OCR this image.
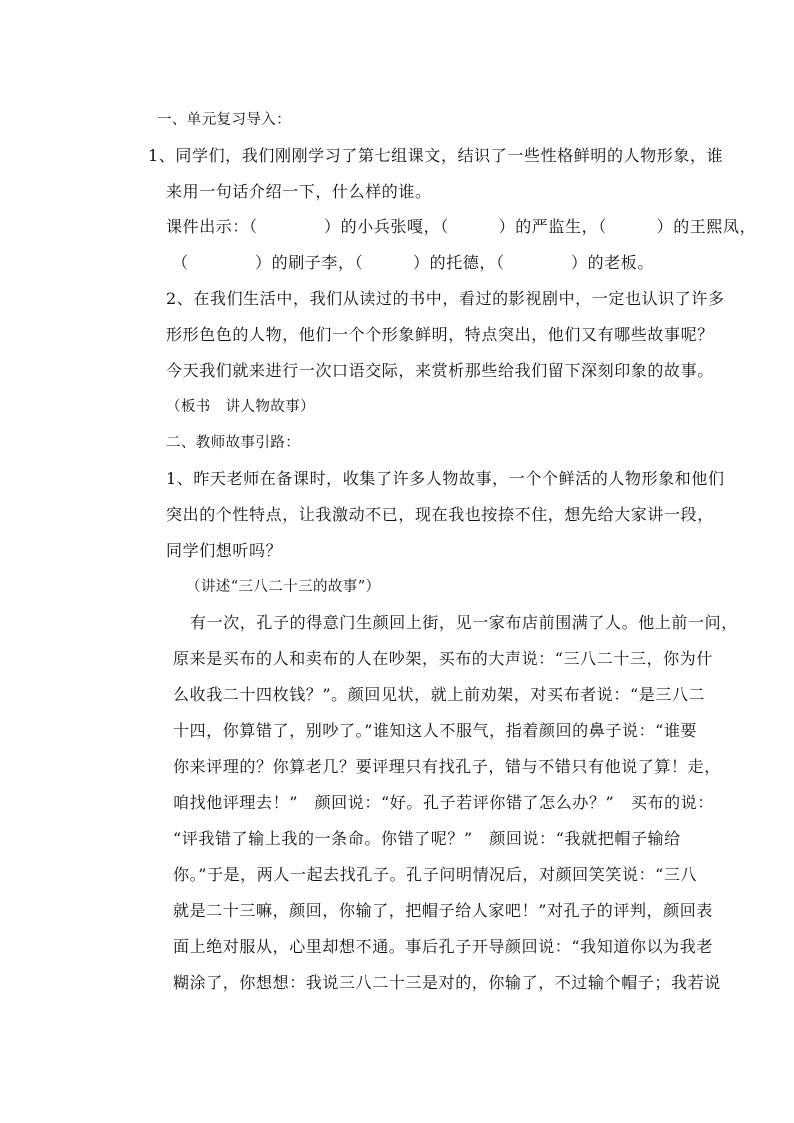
一、单元复习导入：
1、同学们，我们刚刚学习了第七组课文，结识了一些性格鲜明的人物形象，谁
来用一句话介绍一下，什么样的谁。
课件出示：（　　　　）的小兵张嘎，（　　　）的严监生，（　　　）的王熙凤，
（　　　　）的刷子李，（　　　）的托德，（　　　　）的老板。
2、在我们生活中，我们从读过的书中，看过的影视剧中，一定也认识了许多
形形色色的人物，他们一个个形象鲜明，特点突出，他们又有哪些故事呢？
今天我们就来进行一次口语交际，来赏析那些给我们留下深刻印象的故事。
（板书　讲人物故事）
二、教师故事引路：
1、昨天老师在备课时，收集了许多人物故事，一个个鲜活的人物形象和他们
突出的个性特点，让我激动不已，现在我也按捺不住，想先给大家讲一段，
同学们想听吗？
（讲述“三八二十三的故事”）
有一次，孔子的得意门生颜回上街，见一家布店前围满了人。他上前一问，
原来是买布的人和卖布的人在吵架，买布的大声说：“三八二十三，你为什
么收我二十四枚钱？”。颜回见状，就上前劝架，对买布者说：“是三八二
十四，你算错了，别吵了。”谁知这人不服气，指着颜回的鼻子说：“谁要
你来评理的？你算老几？要评理只有找孔子，错与不错只有他说了算！走，
咱找他评理去！”　颜回说：“好。孔子若评你错了怎么办？”　买布的说：
“评我错了输上我的一条命。你错了呢？”　颜回说：“我就把帽子输给
你。”于是，两人一起去找孔子。孔子问明情况后，对颜回笑笑说：“三八
就是二十三嘛，颜回，你输了，把帽子给人家吧！”对孔子的评判，颜回表
面上绝对服从，心里却想不通。事后孔子开导颜回说：“我知道你以为我老
糊涂了，你想想：我说三八二十三是对的，你输了，不过输个帽子；我若说
